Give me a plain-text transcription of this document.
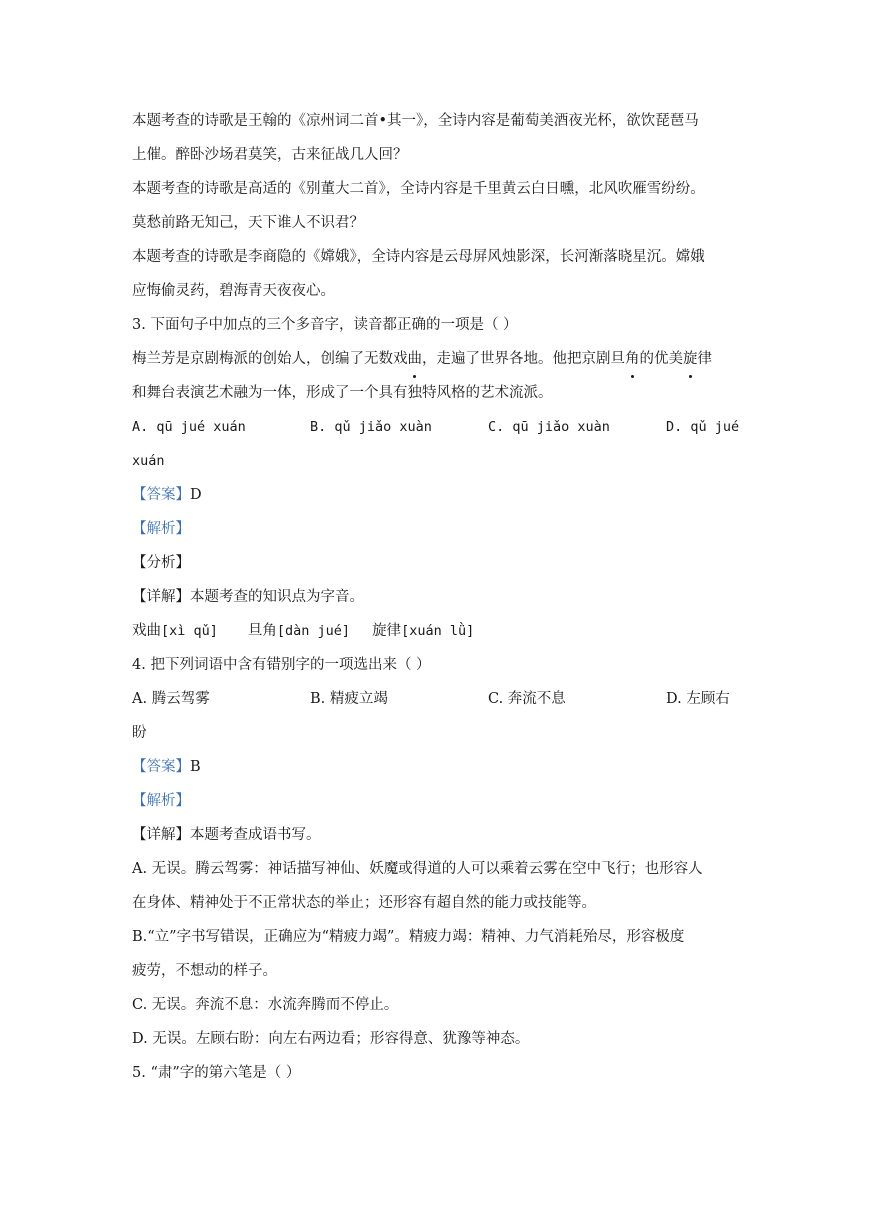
本题考查的诗歌是王翰的《凉州词二首•其一》，全诗内容是葡萄美酒夜光杯，欲饮琵琶马
上催。醉卧沙场君莫笑，古来征战几人回？
本题考查的诗歌是高适的《别董大二首》，全诗内容是千里黄云白日曛，北风吹雁雪纷纷。
莫愁前路无知己，天下谁人不识君？
本题考查的诗歌是李商隐的《嫦娥》，全诗内容是云母屏风烛影深，长河渐落晓星沉。嫦娥
应悔偷灵药，碧海青天夜夜心。
3. 下面句子中加点的三个多音字，读音都正确的一项是（ ）
梅兰芳是京剧梅派的创始人，创编了无数戏曲，走遍了世界各地。他把京剧旦角的优美旋律
和舞台表演艺术融为一体，形成了一个具有独特风格的艺术流派。
A. qū jué xuán	B. qǔ jiǎo xuàn	C. qū jiǎo xuàn	D. qǔ jué
xuán
【答案】D
【解析】
【分析】
【详解】本题考查的知识点为字音。
戏曲[xì qǔ] 旦角[dàn jué] 旋律[xuán lǜ]
4. 把下列词语中含有错别字的一项选出来（ ）
A. 腾云驾雾	B. 精疲立竭	C. 奔流不息	D. 左顾右
盼
【答案】B
【解析】
【详解】本题考查成语书写。
A. 无误。腾云驾雾：神话描写神仙、妖魔或得道的人可以乘着云雾在空中飞行；也形容人
在身体、精神处于不正常状态的举止；还形容有超自然的能力或技能等。
B.“立”字书写错误，正确应为“精疲力竭”。精疲力竭：精神、力气消耗殆尽，形容极度
疲劳，不想动的样子。
C. 无误。奔流不息：水流奔腾而不停止。
D. 无误。左顾右盼：向左右两边看；形容得意、犹豫等神态。
5. “肃”字的第六笔是（ ）
